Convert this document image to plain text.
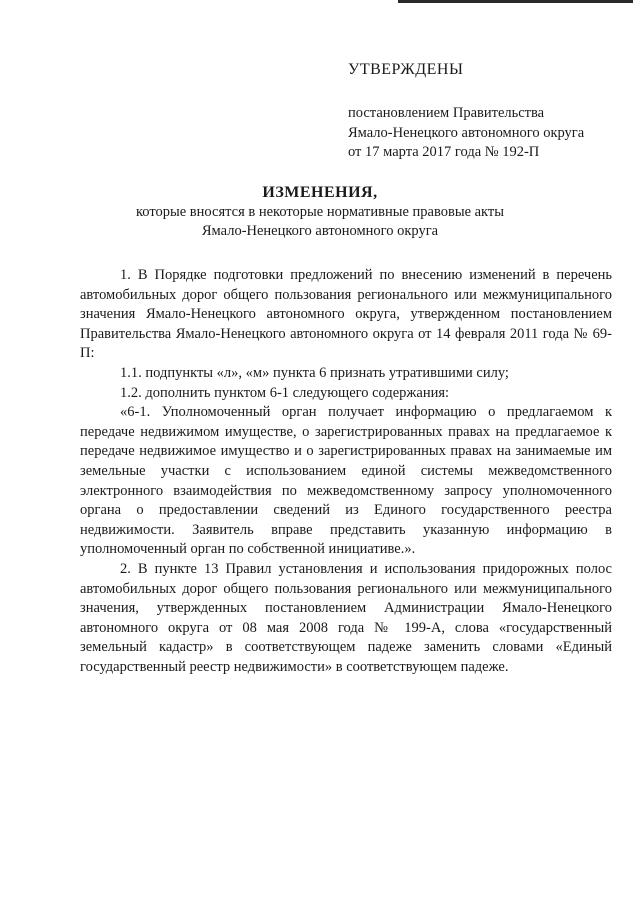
УТВЕРЖДЕНЫ
постановлением Правительства
Ямало-Ненецкого автономного округа
от 17 марта 2017 года № 192-П
ИЗМЕНЕНИЯ,
которые вносятся в некоторые нормативные правовые акты
Ямало-Ненецкого автономного округа

1. В Порядке подготовки предложений по внесению изменений в перечень автомобильных дорог общего пользования регионального или межмуниципального значения Ямало-Ненецкого автономного округа, утвержденном постановлением Правительства Ямало-Ненецкого автономного округа от 14 февраля 2011 года № 69-П:

1.1. подпункты «л», «м» пункта 6 признать утратившими силу;

1.2. дополнить пунктом 6-1 следующего содержания:

«6-1. Уполномоченный орган получает информацию о предлагаемом к передаче недвижимом имуществе, о зарегистрированных правах на предлагаемое к передаче недвижимое имущество и о зарегистрированных правах на занимаемые им земельные участки с использованием единой системы межведомственного электронного взаимодействия по межведомственному запросу уполномоченного органа о предоставлении сведений из Единого государственного реестра недвижимости. Заявитель вправе представить указанную информацию в уполномоченный орган по собственной инициативе.».

2. В пункте 13 Правил установления и использования придорожных полос автомобильных дорог общего пользования регионального или межмуниципального значения, утвержденных постановлением Администрации Ямало-Ненецкого автономного округа от 08 мая 2008 года № 199-А, слова «государственный земельный кадастр» в соответствующем падеже заменить словами «Единый государственный реестр недвижимости» в соответствующем падеже.
